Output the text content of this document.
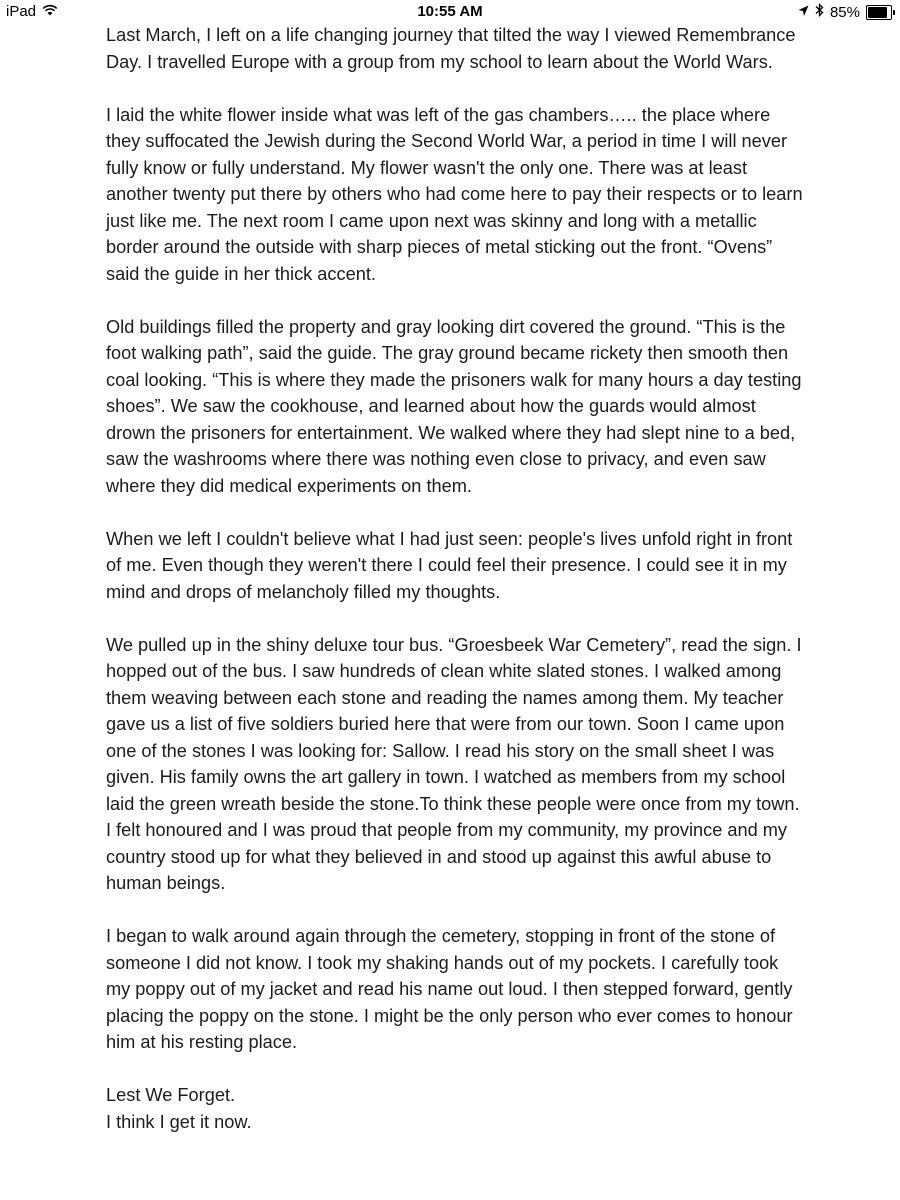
iPad	10:55 AM	85%

Last March, I left on a life changing journey that tilted the way I viewed Remembrance Day. I travelled Europe with a group from my school to learn about the World Wars.

I laid the white flower inside what was left of the gas chambers….. the place where they suffocated the Jewish during the Second World War, a period in time I will never fully know or fully understand. My flower wasn't the only one. There was at least another twenty put there by others who had come here to pay their respects or to learn just like me. The next room I came upon next was skinny and long with a metallic border around the outside with sharp pieces of metal sticking out the front. “Ovens” said the guide in her thick accent.

Old buildings filled the property and gray looking dirt covered the ground. “This is the foot walking path”, said the guide. The gray ground became rickety then smooth then coal looking. “This is where they made the prisoners walk for many hours a day testing shoes”. We saw the cookhouse, and learned about how the guards would almost drown the prisoners for entertainment. We walked where they had slept nine to a bed, saw the washrooms where there was nothing even close to privacy, and even saw where they did medical experiments on them.

When we left I couldn't believe what I had just seen: people's lives unfold right in front of me. Even though they weren't there I could feel their presence. I could see it in my mind and drops of melancholy filled my thoughts.

We pulled up in the shiny deluxe tour bus. “Groesbeek War Cemetery”, read the sign. I hopped out of the bus. I saw hundreds of clean white slated stones. I walked among them weaving between each stone and reading the names among them. My teacher gave us a list of five soldiers buried here that were from our town. Soon I came upon one of the stones I was looking for: Sallow. I read his story on the small sheet I was given. His family owns the art gallery in town. I watched as members from my school laid the green wreath beside the stone.To think these people were once from my town. I felt honoured and I was proud that people from my community, my province and my country stood up for what they believed in and stood up against this awful abuse to human beings.

I began to walk around again through the cemetery, stopping in front of the stone of someone I did not know. I took my shaking hands out of my pockets. I carefully took my poppy out of my jacket and read his name out loud. I then stepped forward, gently placing the poppy on the stone. I might be the only person who ever comes to honour him at his resting place.

Lest We Forget.

I think I get it now.
